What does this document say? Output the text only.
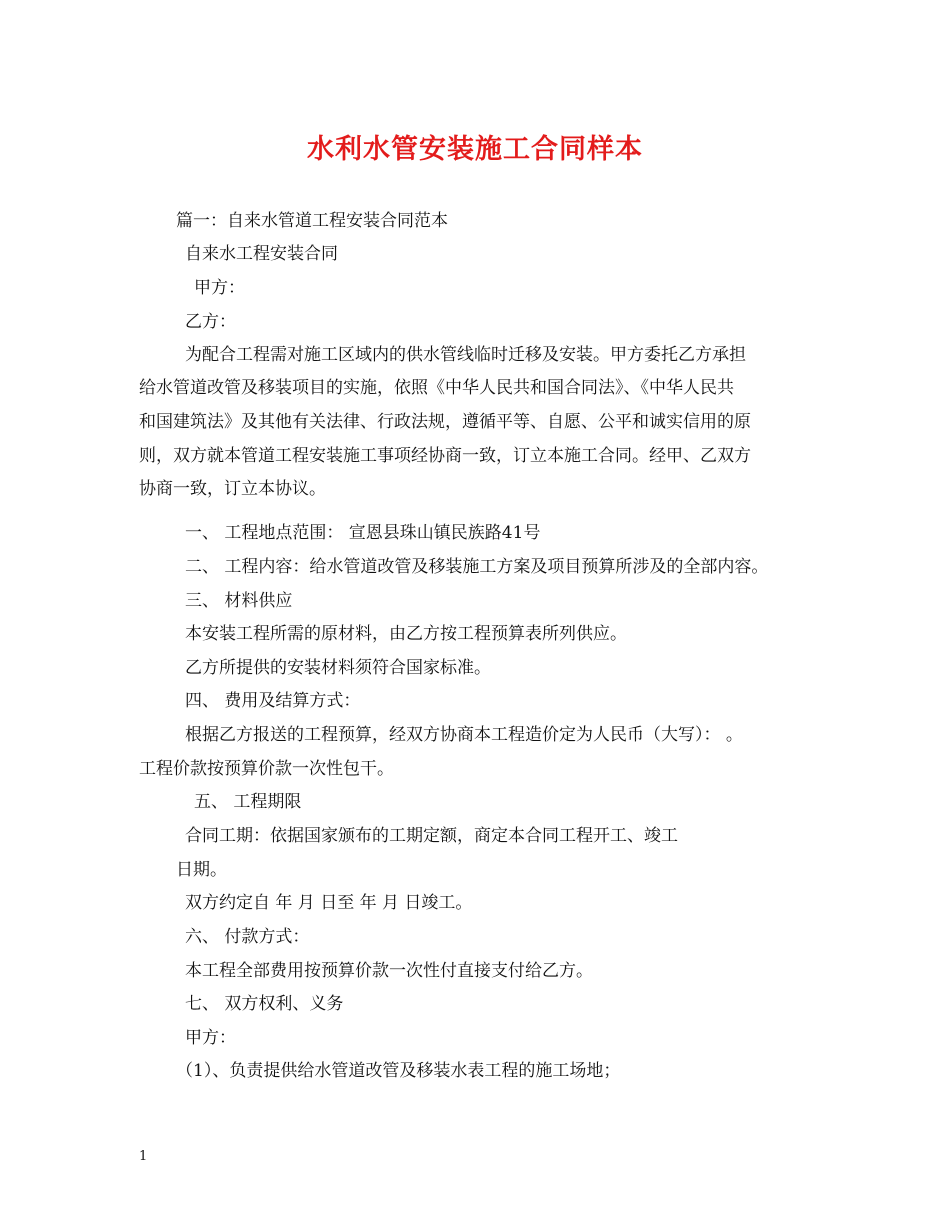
水利水管安装施工合同样本
篇一：自来水管道工程安装合同范本
自来水工程安装合同
甲方：
乙方：
为配合工程需对施工区域内的供水管线临时迁移及安装。甲方委托乙方承担
给水管道改管及移装项目的实施，依照《中华人民共和国合同法》、《中华人民共
和国建筑法》及其他有关法律、行政法规，遵循平等、自愿、公平和诚实信用的原
则，双方就本管道工程安装施工事项经协商一致，订立本施工合同。经甲、乙双方
协商一致，订立本协议。
一、 工程地点范围： 宣恩县珠山镇民族路41号
二、 工程内容：给水管道改管及移装施工方案及项目预算所涉及的全部内容。
三、 材料供应
本安装工程所需的原材料，由乙方按工程预算表所列供应。
乙方所提供的安装材料须符合国家标准。
四、 费用及结算方式：
根据乙方报送的工程预算，经双方协商本工程造价定为人民币（大写）： 。
工程价款按预算价款一次性包干。
五、 工程期限
合同工期：依据国家颁布的工期定额，商定本合同工程开工、竣工
日期。
双方约定自 年 月 日至 年 月 日竣工。
六、 付款方式：
本工程全部费用按预算价款一次性付直接支付给乙方。
七、 双方权利、义务
甲方：
（1）、负责提供给水管道改管及移装水表工程的施工场地；
1
